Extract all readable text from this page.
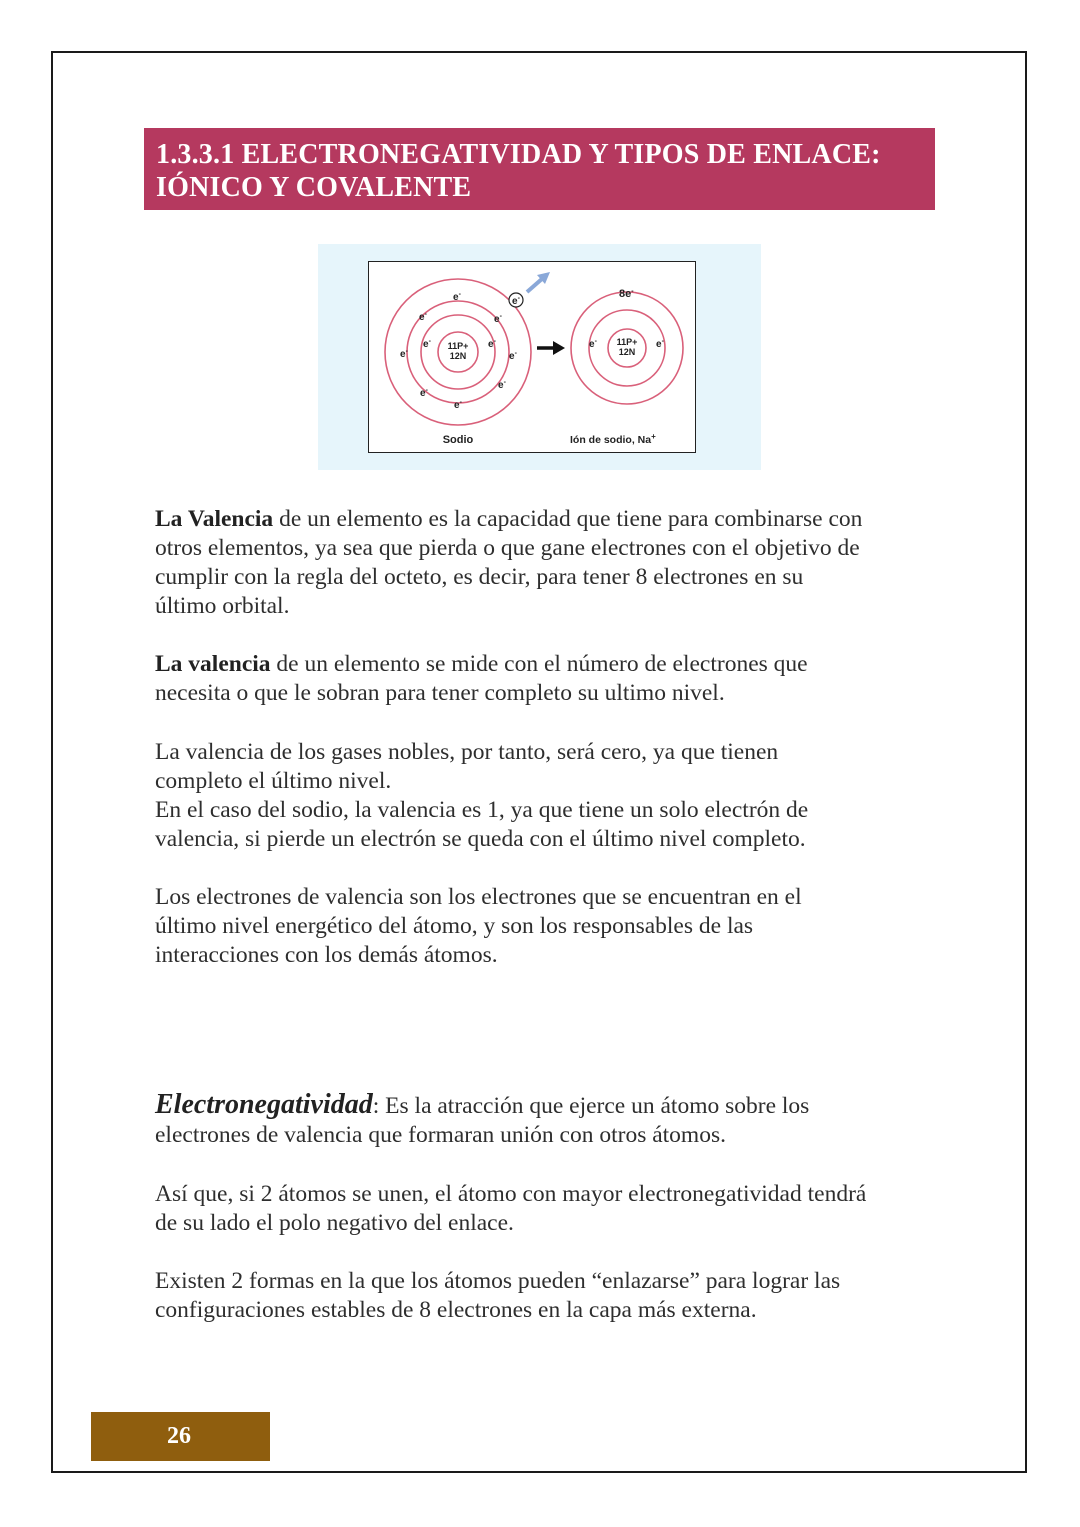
1.3.3.1 ELECTRONEGATIVIDAD Y TIPOS DE ENLACE:
IÓNICO Y COVALENTE
11P+
12N
e-
e-	e-
e-	e-
e-	e-
e-	e-
e-
e-
Sodio
11P+
12N
8e-
e-	e-
Ión de sodio, Na+

La Valencia de un elemento es la capacidad que tiene para combinarse con

otros elementos, ya sea que pierda o que gane electrones con el objetivo de

cumplir con la regla del octeto, es decir, para tener 8 electrones en su

último orbital.

La valencia de un elemento se mide con el número de electrones que

necesita o que le sobran para tener completo su ultimo nivel.

La valencia de los gases nobles, por tanto, será cero, ya que tienen

completo el último nivel.

En el caso del sodio, la valencia es 1, ya que tiene un solo electrón de

valencia, si pierde un electrón se queda con el último nivel completo.

Los electrones de valencia son los electrones que se encuentran en el

último nivel energético del átomo, y son los responsables de las

interacciones con los demás átomos.

Electronegatividad: Es la atracción que ejerce un átomo sobre los

electrones de valencia que formaran unión con otros átomos.

Así que, si 2 átomos se unen, el átomo con mayor electronegatividad tendrá

de su lado el polo negativo del enlace.

Existen 2 formas en la que los átomos pueden “enlazarse” para lograr las

configuraciones estables de 8 electrones en la capa más externa.

26
